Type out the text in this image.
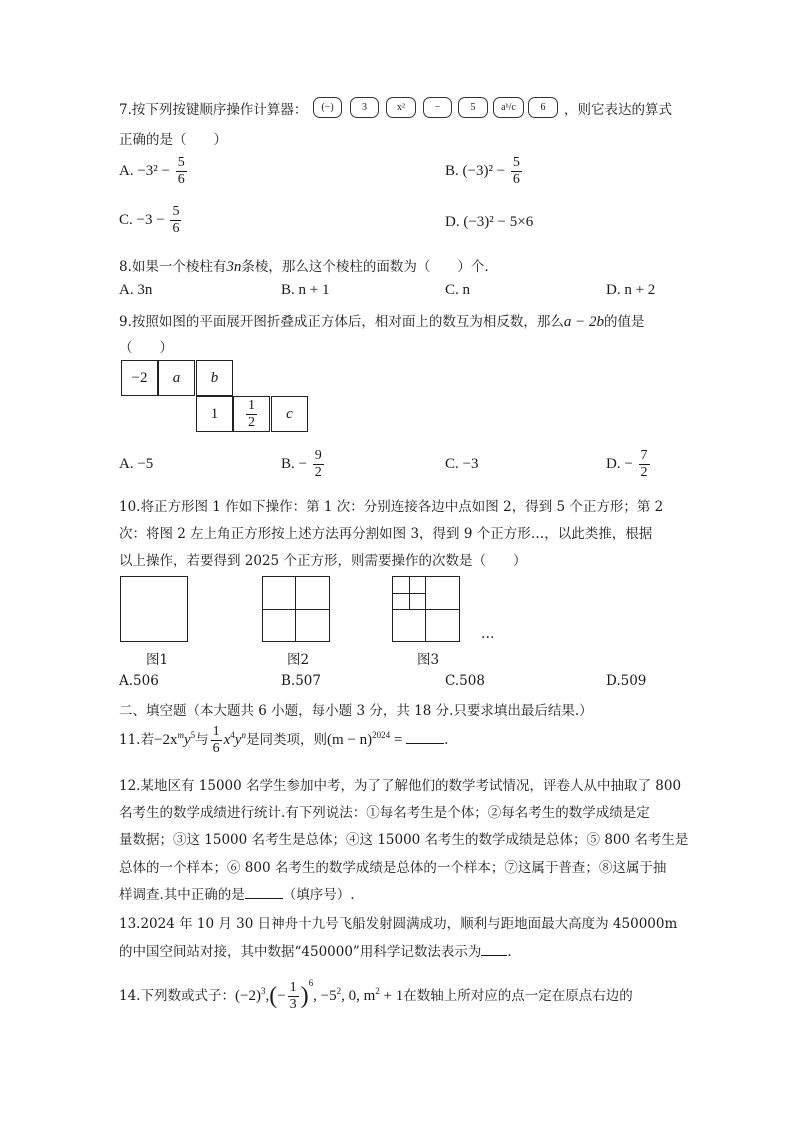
7.按下列按键顺序操作计算器：	(−)	3	x²	−	5	aᵇ/c	6	，则它表达的算式
正确的是（　　）
A. $-3^2 - \frac{5}{6}$	B. $(-3)^2 - \frac{5}{6}$
C. $-3 - \frac{5}{6}$	D. (−3)² − 5×6
8.如果一个棱柱有3n条棱，那么这个棱柱的面数为（　　）个.
A. 3n	B. n + 1	C. n	D. n + 2
9.按照如图的平面展开图折叠成正方体后，相对面上的数互为相反数，那么a − 2b的值是
（　　）
−2	a	b
1	$\frac{1}{2}$	c
A. −5	B. − $\frac{9}{2}$	C. −3	D. − $\frac{7}{2}$
10.将正方形图 1 作如下操作：第 1 次：分别连接各边中点如图 2，得到 5 个正方形；第 2
次：将图 2 左上角正方形按上述方法再分割如图 3，得到 9 个正方形…，以此类推，根据
以上操作，若要得到 2025 个正方形，则需要操作的次数是（　　）
…
图1	图2	图3
A.506	B.507	C.508	D.509
二、填空题（本大题共 6 小题，每小题 3 分，共 18 分.只要求填出最后结果.）
11.若$-2x^my^5$与 $\frac{1}{6} x^4y^n$是同类项，则$(m - n)^{2024}$ =	.
12.某地区有 15000 名学生参加中考，为了了解他们的数学考试情况，评卷人从中抽取了 800
名考生的数学成绩进行统计.有下列说法：①每名考生是个体；②每名考生的数学成绩是定
量数据；③这 15000 名考生是总体；④这 15000 名考生的数学成绩是总体；⑤ 800 名考生是
总体的一个样本；⑥ 800 名考生的数学成绩是总体的一个样本；⑦这属于普查；⑧这属于抽
样调查.其中正确的是	（填序号）.
13.2024 年 10 月 30 日神舟十九号飞船发射圆满成功，顺利与距地面最大高度为 450000m
的中国空间站对接，其中数据“450000”用科学记数法表示为 .
14.下列数或式子：$(-2)^3,(- \frac{1}{3} )^6$, $-5^2$, 0, $m^2 + 1$在数轴上所对应的点一定在原点右边的
